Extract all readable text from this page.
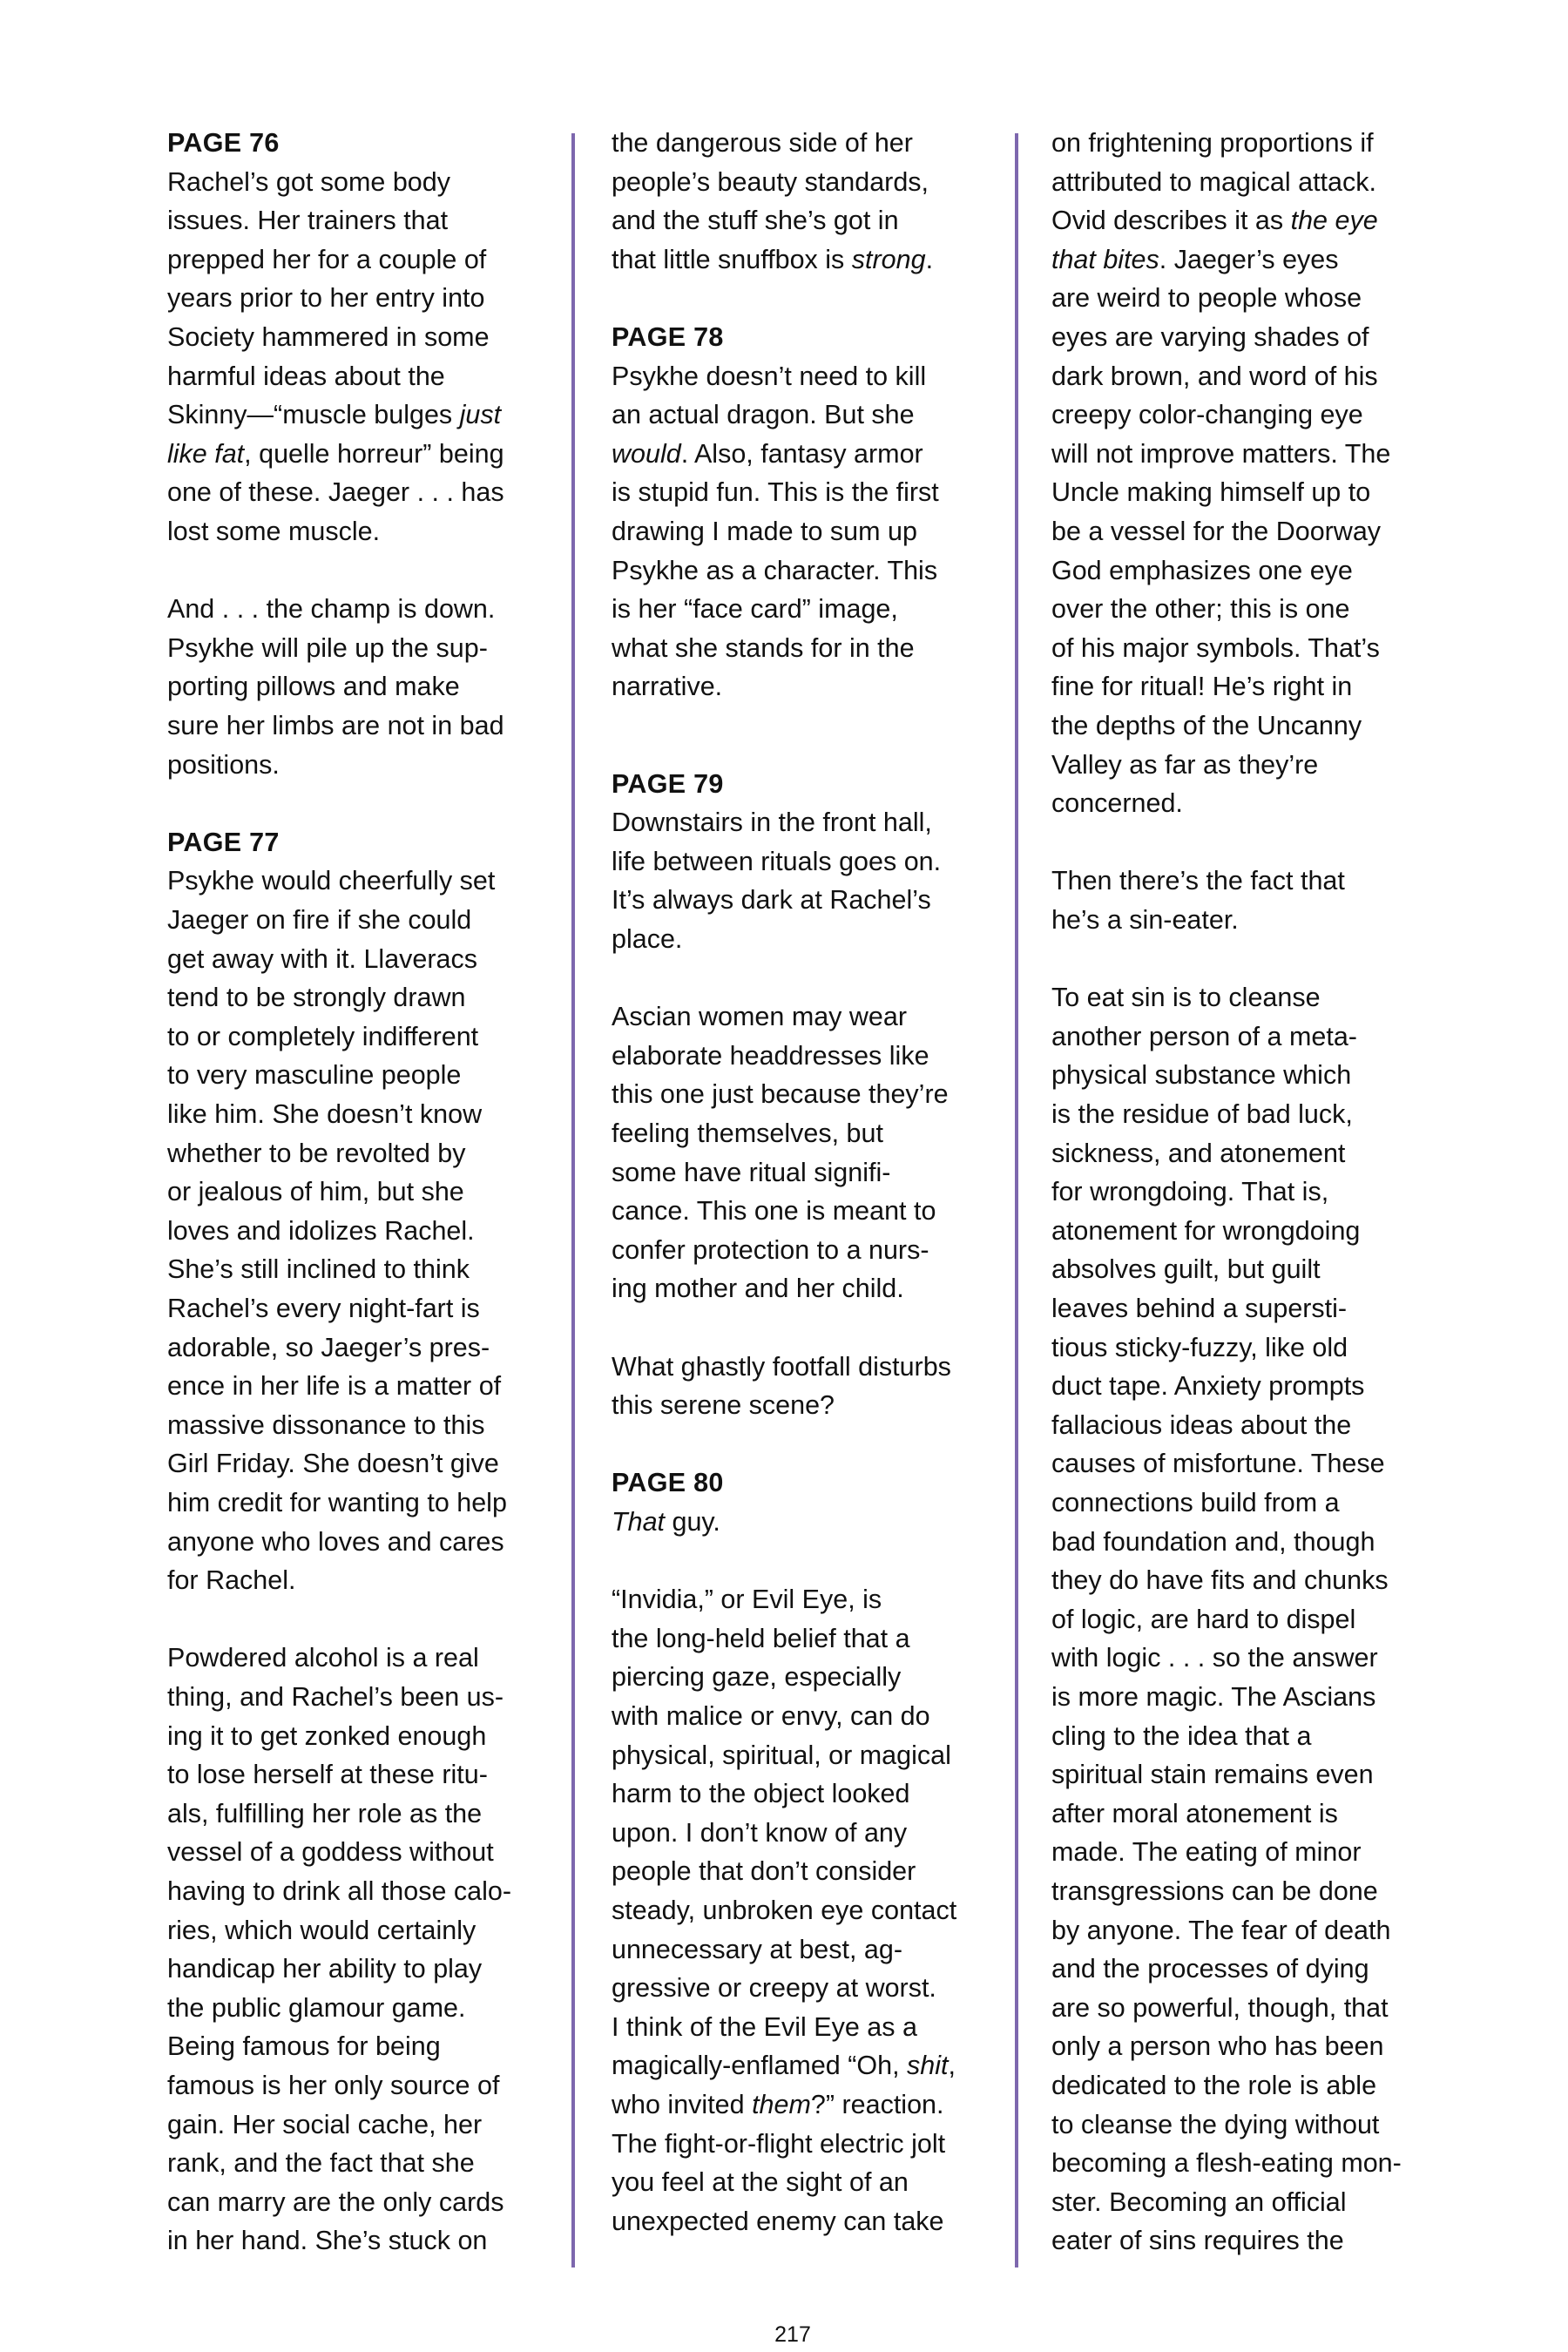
PAGE 76
Rachel’s got some body
issues. Her trainers that
prepped her for a couple of
years prior to her entry into
Society hammered in some
harmful ideas about the
Skinny—“muscle bulges just
like fat, quelle horreur” being
one of these. Jaeger . . . has
lost some muscle.
And . . . the champ is down.
Psykhe will pile up the sup-
porting pillows and make
sure her limbs are not in bad
positions.
PAGE 77
Psykhe would cheerfully set
Jaeger on fire if she could
get away with it. Llaveracs
tend to be strongly drawn
to or completely indifferent
to very masculine people
like him. She doesn’t know
whether to be revolted by
or jealous of him, but she
loves and idolizes Rachel.
She’s still inclined to think
Rachel’s every night-fart is
adorable, so Jaeger’s pres-
ence in her life is a matter of
massive dissonance to this
Girl Friday. She doesn’t give
him credit for wanting to help
anyone who loves and cares
for Rachel.
Powdered alcohol is a real
thing, and Rachel’s been us-
ing it to get zonked enough
to lose herself at these ritu-
als, fulfilling her role as the
vessel of a goddess without
having to drink all those calo-
ries, which would certainly
handicap her ability to play
the public glamour game.
Being famous for being
famous is her only source of
gain. Her social cache, her
rank, and the fact that she
can marry are the only cards
in her hand. She’s stuck on
the dangerous side of her
people’s beauty standards,
and the stuff she’s got in
that little snuffbox is strong.
PAGE 78
Psykhe doesn’t need to kill
an actual dragon. But she
would. Also, fantasy armor
is stupid fun. This is the first
drawing I made to sum up
Psykhe as a character. This
is her “face card” image,
what she stands for in the
narrative.
PAGE 79
Downstairs in the front hall,
life between rituals goes on.
It’s always dark at Rachel’s
place.
Ascian women may wear
elaborate headdresses like
this one just because they’re
feeling themselves, but
some have ritual signifi-
cance. This one is meant to
confer protection to a nurs-
ing mother and her child.
What ghastly footfall disturbs
this serene scene?
PAGE 80
That guy.
“Invidia,” or Evil Eye, is
the long-held belief that a
piercing gaze, especially
with malice or envy, can do
physical, spiritual, or magical
harm to the object looked
upon. I don’t know of any
people that don’t consider
steady, unbroken eye contact
unnecessary at best, ag-
gressive or creepy at worst.
I think of the Evil Eye as a
magically-enflamed “Oh, shit,
who invited them?” reaction.
The fight-or-flight electric jolt
you feel at the sight of an
unexpected enemy can take
on frightening proportions if
attributed to magical attack.
Ovid describes it as the eye
that bites. Jaeger’s eyes
are weird to people whose
eyes are varying shades of
dark brown, and word of his
creepy color-changing eye
will not improve matters. The
Uncle making himself up to
be a vessel for the Doorway
God emphasizes one eye
over the other; this is one
of his major symbols. That’s
fine for ritual! He’s right in
the depths of the Uncanny
Valley as far as they’re
concerned.
Then there’s the fact that
he’s a sin-eater.
To eat sin is to cleanse
another person of a meta-
physical substance which
is the residue of bad luck,
sickness, and atonement
for wrongdoing. That is,
atonement for wrongdoing
absolves guilt, but guilt
leaves behind a supersti-
tious sticky-fuzzy, like old
duct tape. Anxiety prompts
fallacious ideas about the
causes of misfortune. These
connections build from a
bad foundation and, though
they do have fits and chunks
of logic, are hard to dispel
with logic . . . so the answer
is more magic. The Ascians
cling to the idea that a
spiritual stain remains even
after moral atonement is
made. The eating of minor
transgressions can be done
by anyone. The fear of death
and the processes of dying
are so powerful, though, that
only a person who has been
dedicated to the role is able
to cleanse the dying without
becoming a flesh-eating mon-
ster. Becoming an official
eater of sins requires the
217
